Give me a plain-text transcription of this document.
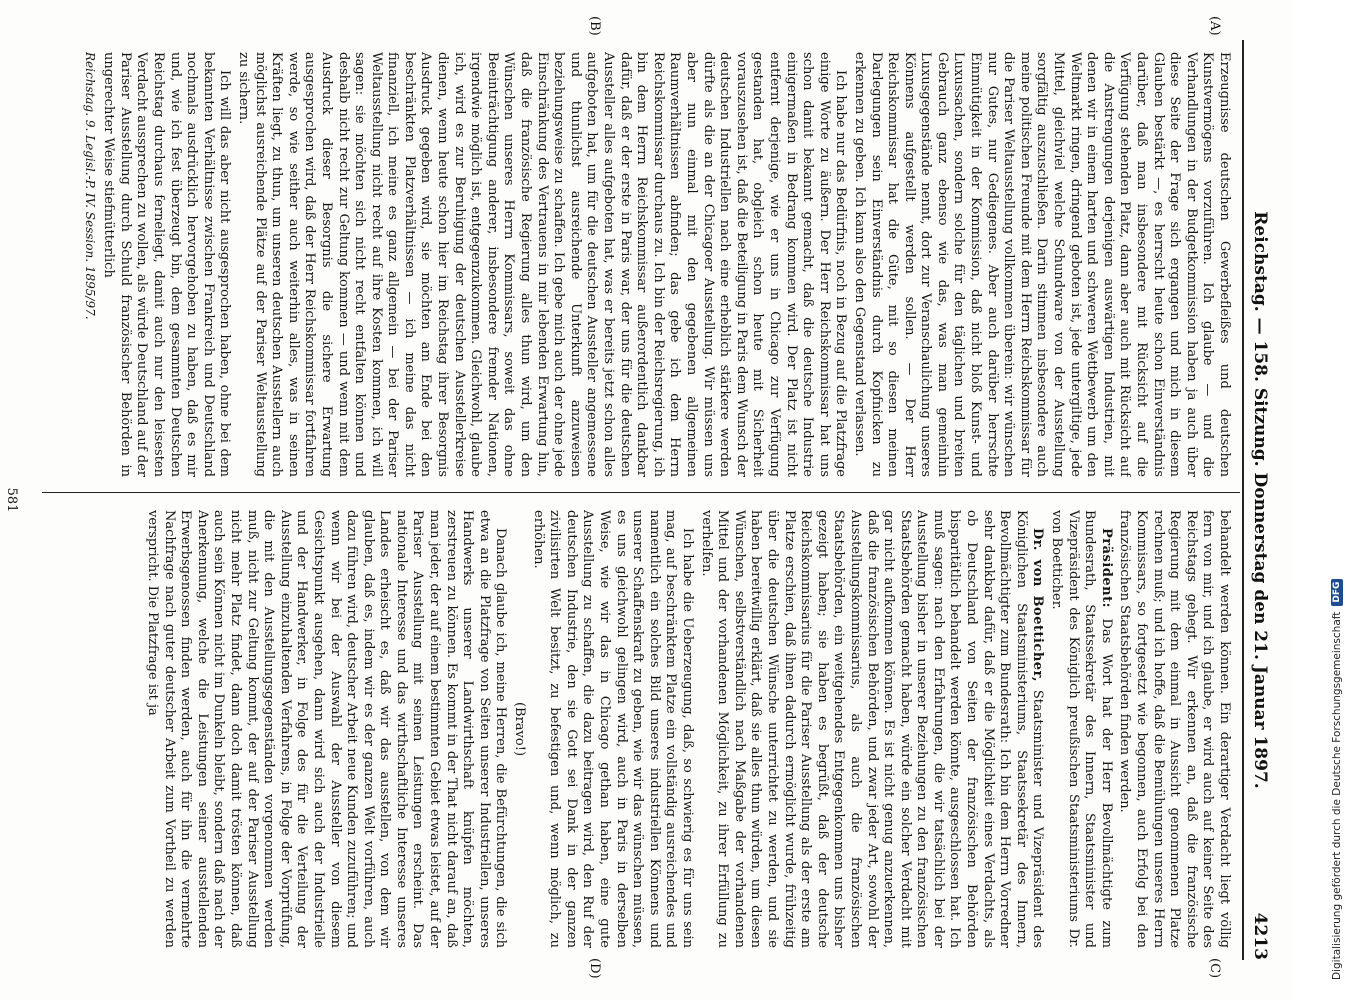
Reichstag. — 158. Sitzung. Donnerstag den 21. Januar 1897.
4213
(A)
(B)
(C)
(D)

Erzeugnisse deutschen Gewerbefleißes und deutschen Kunstvermögens vorzuführen. Ich glaube — und die Verhandlungen in der Budgetkommission haben ja auch über diese Seite der Frage sich ergangen und mich in diesem Glauben bestärkt —, es herrscht heute schon Einverständnis darüber, daß man insbesondere mit Rücksicht auf die Verfügung stehenden Platz, dann aber auch mit Rücksicht auf die Anstrengungen derjenigen auswärtigen Industrien, mit denen wir in einem harten und schweren Wettbewerb um den Weltmarkt ringen, dringend geboten ist, jede untergiltige, jede Mittel, gleichviel welche Schundware von der Ausstellung sorgfältig auszuschließen. Darin stimmen insbesondere auch meine politischen Freunde mit dem Herrn Reichskommissar für die Pariser Weltausstellung vollkommen überein: wir wünschen nur Gutes, nur Gediegenes. Aber auch darüber herrschte Einmütigkeit in der Kommission, daß nicht bloß Kunst- und Luxussachen, sondern solche für den täglichen und breiten Gebrauch ganz ebenso wie das, was man gemeinhin Luxusgegenstände nennt, dort zur Veranschaulichung unseres Könnens aufgestellt werden sollen. — Der Herr Reichskommissar hat die Güte, mit so diesen meinen Darlegungen sein Einverständnis durch Kopfnicken zu erkennen zu geben. Ich kann also den Gegenstand verlassen.

Ich habe nur das Bedürfnis, noch in Bezug auf die Platzfrage einige Worte zu äußern. Der Herr Reichskommissar hat uns schon damit bekannt gemacht, daß die deutsche Industrie einigermaßen in Bedrang kommen wird. Der Platz ist nicht entfernt derjenige, wie er uns in Chicago zur Verfügung gestanden hat, obgleich schon heute mit Sicherheit vorauszusehen ist, daß die Beteiligung in Paris dem Wunsch der deutschen Industriellen nach eine erheblich stärkere werden dürfte als die an der Chicagoer Ausstellung. Wir müssen uns aber nun einmal mit den gegebenen allgemeinen Raumverhältnissen abfinden; das gebe ich dem Herrn Reichskommissar durchaus zu. Ich bin der Reichsregierung, ich bin dem Herrn Reichskommissar außerordentlich dankbar dafür, daß er der erste in Paris war, der uns für die deutschen Aussteller alles aufgeboten hat, was er bereits jetzt schon alles aufgeboten hat, um für die deutschen Aussteller angemessene und thunlichst ausreichende Unterkunft anzuweisen beziehungsweise zu schaffen. Ich gebe mich auch der ohne jede Einschränkung des Vertrauens in mir lebenden Erwartung hin, daß die französische Regierung alles thun wird, um den Wünschen unseres Herrn Kommissars, soweit das ohne Beeinträchtigung anderer, insbesondere fremder Nationen, irgendwie möglich ist, entgegenzukommen. Gleichwohl, glaube ich, wird es zur Beruhigung der deutschen Ausstellerkreise dienen, wenn heute schon hier im Reichstag ihrer Besorgnis Ausdruck gegeben wird, sie möchten am Ende bei den beschränkten Platzverhältnissen — ich meine das nicht finanziell, ich meine es ganz allgemein — bei der Pariser Weltausstellung nicht recht auf ihre Kosten kommen, ich will sagen: sie möchten sich nicht recht entfalten können und deshalb nicht recht zur Geltung kommen — und wenn mit dem Ausdruck dieser Besorgnis die sichere Erwartung ausgesprochen wird, daß der Herr Reichskommissar fortfahren werde, so wie seither auch weiterhin alles, was in seinen Kräften liegt, zu thun, um unseren deutschen Ausstellern auch möglichst ausreichende Plätze auf der Pariser Weltausstellung zu sichern.

Ich will das aber nicht ausgesprochen haben, ohne bei dem bekannten Verhältnisse zwischen Frankreich und Deutschland nochmals ausdrücklich hervorgehoben zu haben, daß es mir und, wie ich fest überzeugt bin, dem gesammten Deutschen Reichstag durchaus ferneliegt, damit auch nur den leisesten Verdacht aussprechen zu wollen, als würde Deutschland auf der Pariser Ausstellung durch Schuld französischer Behörden in ungerechter Weise stiefmütterlich

Reichstag. 9. Legisl.-P. IV. Session. 1895/97.

behandelt werden können. Ein derartiger Verdacht liegt völlig fern von mir, und ich glaube, er wird auch auf keiner Seite des Reichstags gehegt. Wir erkennen an, daß die französische Regierung mit dem einmal in Aussicht genommenen Platze rechnen muß; und ich hoffe, daß die Bemühungen unseres Herrn Kommissars, so fortgesetzt wie begonnen, auch Erfolg bei den französischen Staatsbehörden finden werden.

Präsident: Das Wort hat der Herr Bevollmächtigte zum Bundesrath, Staatssekretär des Innern, Staatsminister und Vizepräsident des Königlich preußischen Staatsministeriums Dr. von Boetticher.

Dr. von Boetticher, Staatsminister und Vizepräsident des Königlichen Staatsministeriums, Staatssekretär des Innern, Bevollmächtigter zum Bundesrath: Ich bin dem Herrn Vorredner sehr dankbar dafür, daß er die Möglichkeit eines Verdachts, als ob Deutschland von Seiten der französischen Behörden bisparitätlich behandelt werden könnte, ausgeschlossen hat. Ich muß sagen: nach den Erfahrungen, die wir tatsächlich bei der Ausstellung bisher in unserer Beziehungen zu den französischen Staatsbehörden gemacht haben, würde ein solcher Verdacht mit gar nicht aufkommen können. Es ist nicht genug anzuerkennen, daß die französischen Behörden, und zwar jeder Art, sowohl der Ausstellungskommissarius, als auch die französischen Staatsbehörden, ein weitgehendes Entgegenkommen uns bisher gezeigt haben; sie haben es begrüßt, daß der deutsche Reichskommissarius für die Pariser Ausstellung als der erste am Platze erschien, daß ihnen dadurch ermöglicht wurde, frühzeitig über die deutschen Wünsche unterrichtet zu werden, und sie haben bereitwillig erklärt, daß sie alles thun würden, um diesen Wünschen, selbstverständlich nach Maßgabe der vorhandenen Mittel und der vorhandenen Möglichkeit, zu ihrer Erfüllung zu verhelfen.

Ich habe die Ueberzeugung, daß, so schwierig es für uns sein mag, auf beschränktem Platze ein vollständig ausreichendes und namentlich ein solches Bild unseres industriellen Könnens und unserer Schaffenskraft zu geben, wie wir das wünschen müssen, es uns gleichwohl gelingen wird, auch in Paris in derselben Weise, wie wir das in Chicago gethan haben, eine gute Ausstellung zu schaffen, die dazu beitragen wird, den Ruf der deutschen Industrie, den sie Gott sei Dank in der ganzen zivilisirten Welt besitzt, zu befestigen und, wenn möglich, zu erhöhen.

(Bravo!)

Danach glaube ich, meine Herren, die Befürchtungen, die sich etwa an die Platzfrage von Seiten unserer Industriellen, unseres Handwerks unserer Landwirthschaft knüpfen möchten, zerstreuen zu können. Es kommt in der That nicht darauf an, daß man jeder, der auf einem bestimmten Gebiet etwas leistet, auf der Pariser Ausstellung mit seinen Leistungen erscheint. Das nationale Interesse und das wirthschaftliche Interesse unseres Landes erheischt es, daß wir das ausstellen, von dem wir glauben, daß es, indem wir es der ganzen Welt vorführen, auch dazu führen wird, deutscher Arbeit neue Kunden zuzuführen; und wenn wir bei der Auswahl der Aussteller von diesem Gesichtspunkt ausgehen, dann wird sich auch der Industrielle und der Handwerker, in Folge des für die Verteilung der Ausstellung einzuhaltenden Verfahrens, in Folge der Vorprüfung, die mit den Ausstellungsgegenständen vorgenommen werden muß, nicht zur Geltung kommt, der auf der Pariser Ausstellung nicht mehr Platz findet, dann doch damit trösten können, daß auch sein Können nicht im Dunkeln bleibt, sondern daß nach der Anerkennung, welche die Leistungen seiner ausstellenden Erwerbsgenossen finden werden, auch für ihn die vermehrte Nachfrage nach guter deutscher Arbeit zum Vortheil zu werden verspricht. Die Platzfrage ist ja

581
Digitalisierung gefördert durch die Deutsche Forschungsgemeinschaft
DFG
